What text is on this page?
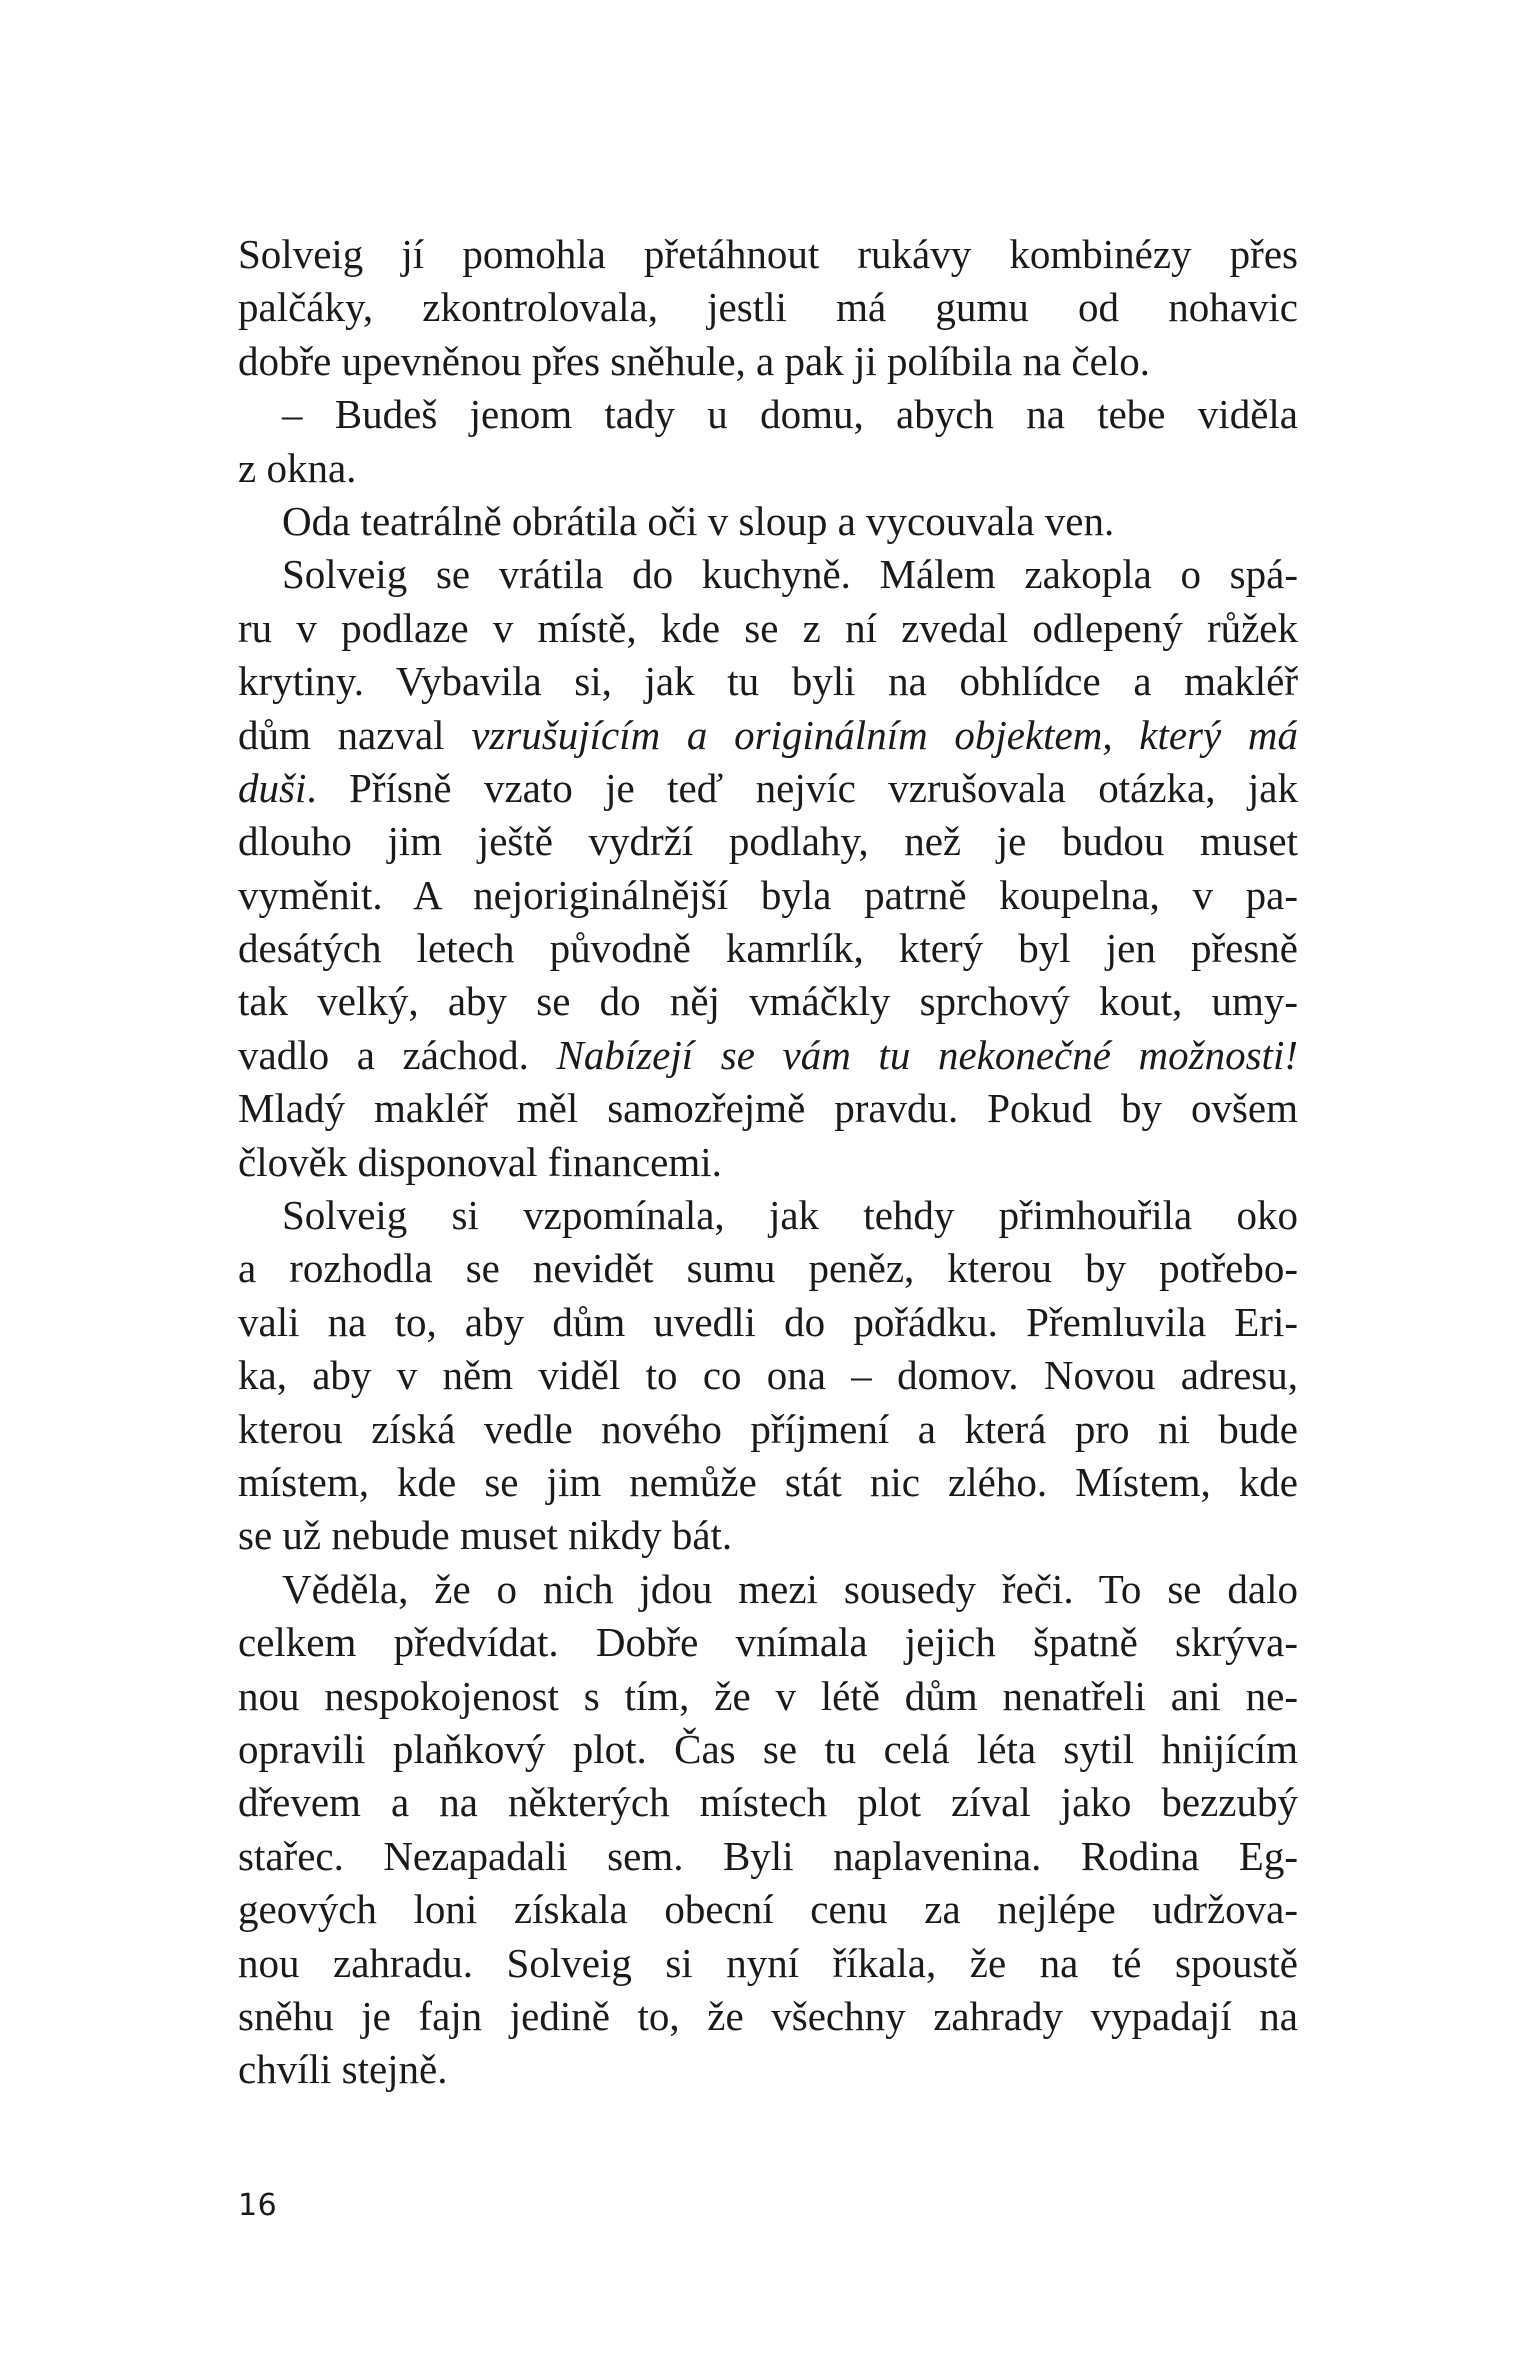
Solveig jí pomohla přetáhnout rukávy kombinézy přes
palčáky, zkontrolovala, jestli má gumu od nohavic
dobře upevněnou přes sněhule, a pak ji políbila na čelo.
– Budeš jenom tady u domu, abych na tebe viděla
z okna.
Oda teatrálně obrátila oči v sloup a vycouvala ven.
Solveig se vrátila do kuchyně. Málem zakopla o spá-
ru v podlaze v místě, kde se z ní zvedal odlepený růžek
krytiny. Vybavila si, jak tu byli na obhlídce a makléř
dům nazval vzrušujícím a originálním objektem, který má
duši. Přísně vzato je teď nejvíc vzrušovala otázka, jak
dlouho jim ještě vydrží podlahy, než je budou muset
vyměnit. A nejoriginálnější byla patrně koupelna, v pa-
desátých letech původně kamrlík, který byl jen přesně
tak velký, aby se do něj vmáčkly sprchový kout, umy-
vadlo a záchod. Nabízejí se vám tu nekonečné možnosti!
Mladý makléř měl samozřejmě pravdu. Pokud by ovšem
člověk disponoval financemi.
Solveig si vzpomínala, jak tehdy přimhouřila oko
a rozhodla se nevidět sumu peněz, kterou by potřebo-
vali na to, aby dům uvedli do pořádku. Přemluvila Eri-
ka, aby v něm viděl to co ona – domov. Novou adresu,
kterou získá vedle nového příjmení a která pro ni bude
místem, kde se jim nemůže stát nic zlého. Místem, kde
se už nebude muset nikdy bát.
Věděla, že o nich jdou mezi sousedy řeči. To se dalo
celkem předvídat. Dobře vnímala jejich špatně skrýva-
nou nespokojenost s tím, že v létě dům nenatřeli ani ne-
opravili plaňkový plot. Čas se tu celá léta sytil hnijícím
dřevem a na některých místech plot zíval jako bezzubý
stařec. Nezapadali sem. Byli naplavenina. Rodina Eg-
geových loni získala obecní cenu za nejlépe udržova-
nou zahradu. Solveig si nyní říkala, že na té spoustě
sněhu je fajn jedině to, že všechny zahrady vypadají na
chvíli stejně.
16
